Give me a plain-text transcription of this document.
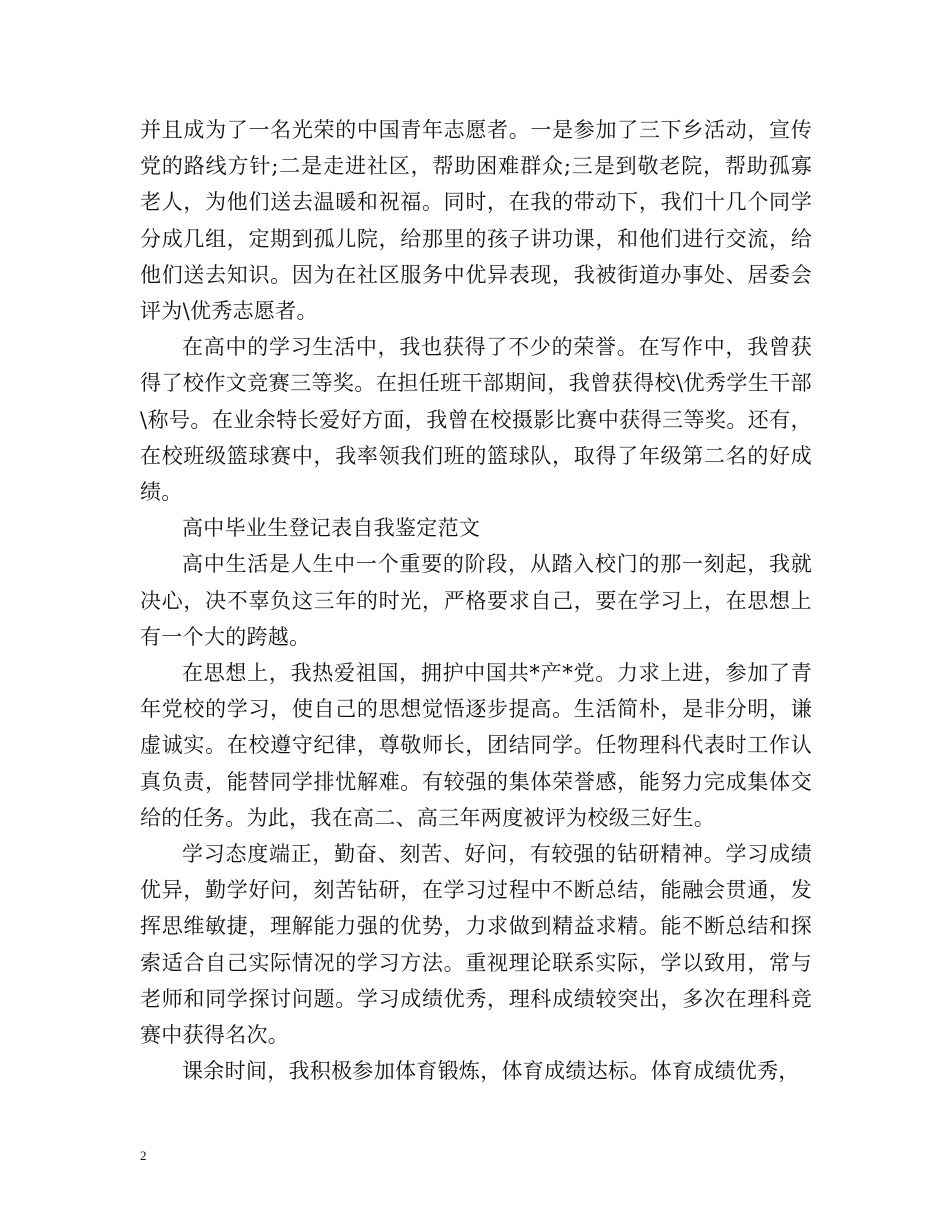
并且成为了一名光荣的中国青年志愿者。一是参加了三下乡活动，宣传党的路线方针;二是走进社区，帮助困难群众;三是到敬老院，帮助孤寡老人，为他们送去温暖和祝福。同时，在我的带动下，我们十几个同学分成几组，定期到孤儿院，给那里的孩子讲功课，和他们进行交流，给他们送去知识。因为在社区服务中优异表现，我被街道办事处、居委会评为\优秀志愿者。

在高中的学习生活中，我也获得了不少的荣誉。在写作中，我曾获得了校作文竞赛三等奖。在担任班干部期间，我曾获得校\优秀学生干部\称号。在业余特长爱好方面，我曾在校摄影比赛中获得三等奖。还有，在校班级篮球赛中，我率领我们班的篮球队，取得了年级第二名的好成绩。

高中毕业生登记表自我鉴定范文

高中生活是人生中一个重要的阶段，从踏入校门的那一刻起，我就决心，决不辜负这三年的时光，严格要求自己，要在学习上，在思想上有一个大的跨越。

在思想上，我热爱祖国，拥护中国共*产*党。力求上进，参加了青年党校的学习，使自己的思想觉悟逐步提高。生活简朴，是非分明，谦虚诚实。在校遵守纪律，尊敬师长，团结同学。任物理科代表时工作认真负责，能替同学排忧解难。有较强的集体荣誉感，能努力完成集体交给的任务。为此，我在高二、高三年两度被评为校级三好生。

学习态度端正，勤奋、刻苦、好问，有较强的钻研精神。学习成绩优异，勤学好问，刻苦钻研，在学习过程中不断总结，能融会贯通，发挥思维敏捷，理解能力强的优势，力求做到精益求精。能不断总结和探索适合自己实际情况的学习方法。重视理论联系实际，学以致用，常与老师和同学探讨问题。学习成绩优秀，理科成绩较突出，多次在理科竞赛中获得名次。

课余时间，我积极参加体育锻炼，体育成绩达标。体育成绩优秀，

2
